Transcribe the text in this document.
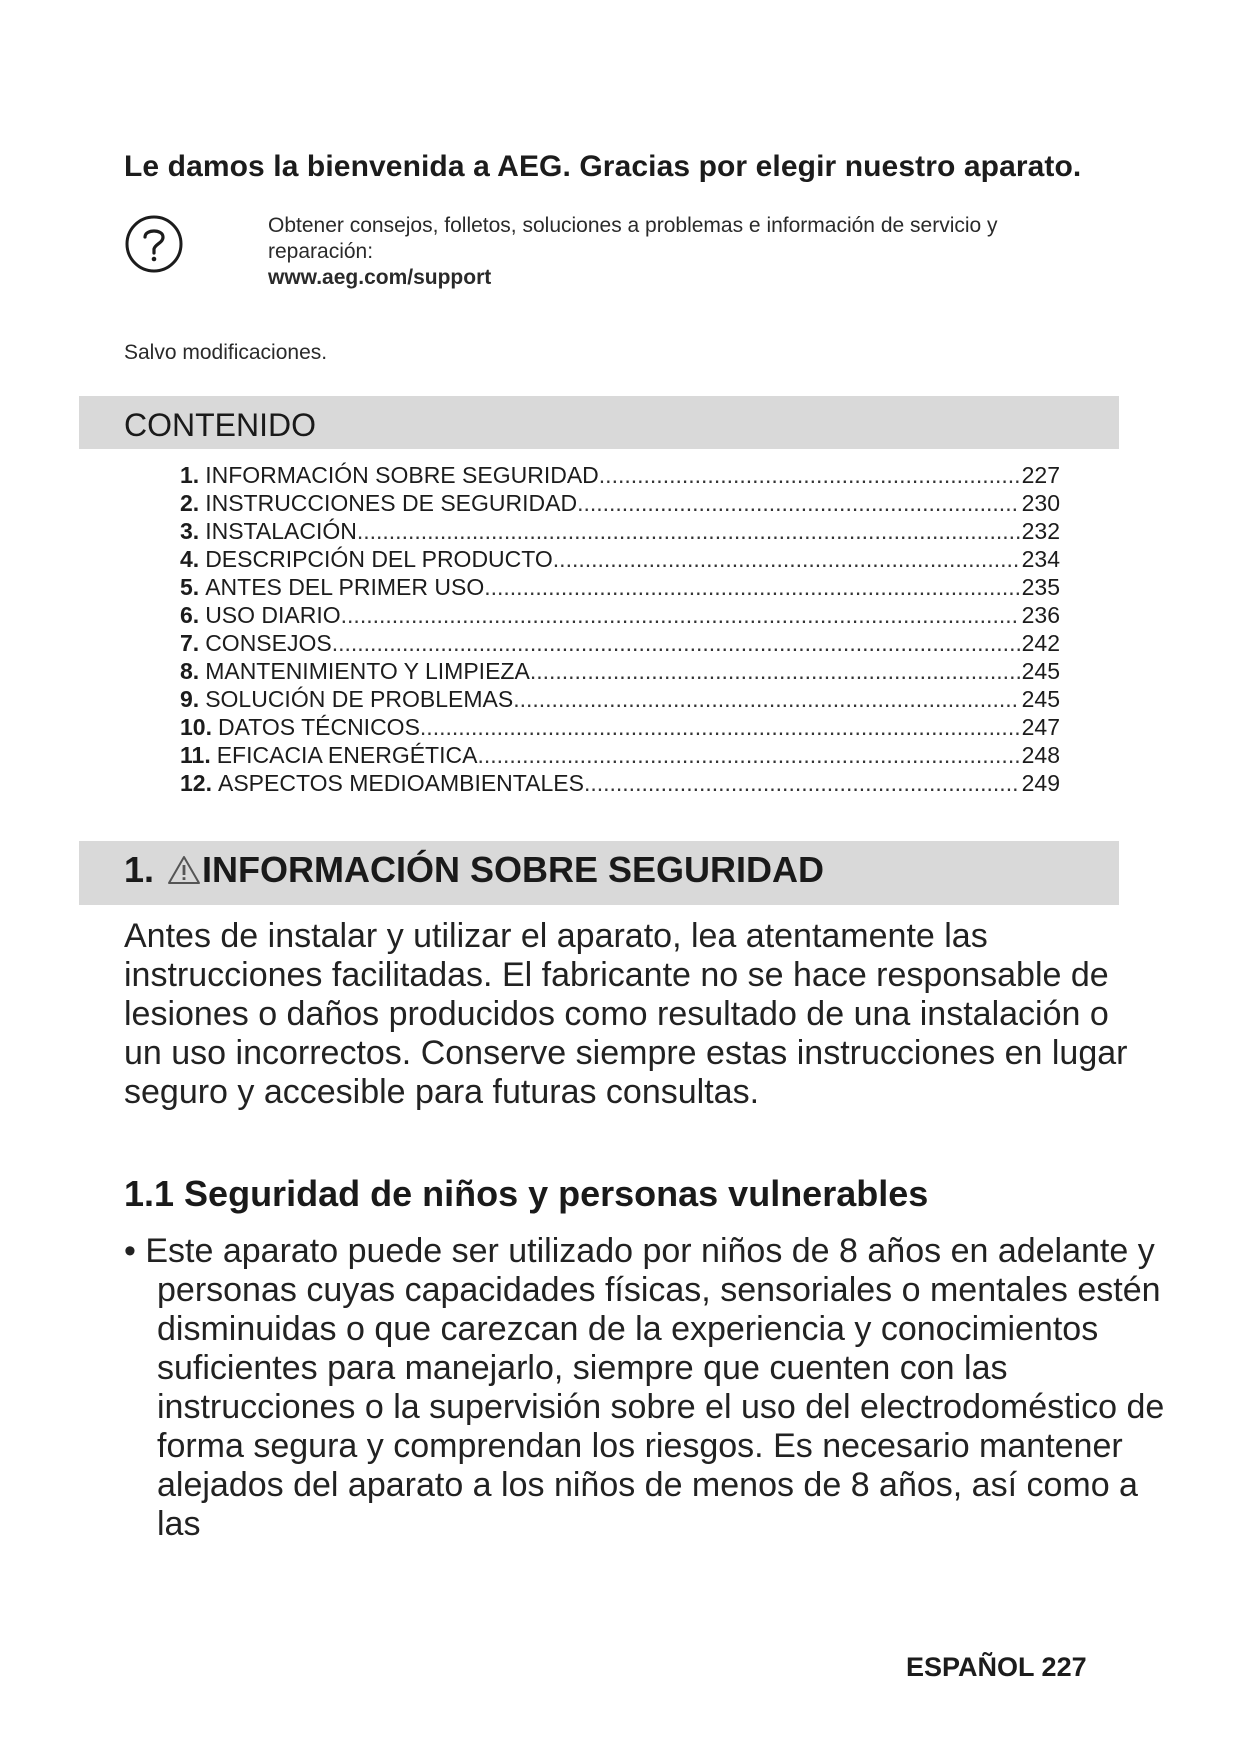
Le damos la bienvenida a AEG. Gracias por elegir nuestro aparato.
Obtener consejos, folletos, soluciones a problemas e información de servicio y reparación:
www.aeg.com/support
Salvo modificaciones.
CONTENIDO
1. INFORMACIÓN SOBRE SEGURIDAD .....	227
2. INSTRUCCIONES DE SEGURIDAD .....	230
3. INSTALACIÓN .....	232
4. DESCRIPCIÓN DEL PRODUCTO .....	234
5. ANTES DEL PRIMER USO .....	235
6. USO DIARIO .....	236
7. CONSEJOS .....	242
8. MANTENIMIENTO Y LIMPIEZA .....	245
9. SOLUCIÓN DE PROBLEMAS .....	245
10. DATOS TÉCNICOS .....	247
11. EFICACIA ENERGÉTICA .....	248
12. ASPECTOS MEDIOAMBIENTALES .....	249
1. INFORMACIÓN SOBRE SEGURIDAD

Antes de instalar y utilizar el aparato, lea atentamente las instrucciones facilitadas. El fabricante no se hace responsable de lesiones o daños producidos como resultado de una instalación o un uso incorrectos. Conserve siempre estas instrucciones en lugar seguro y accesible para futuras consultas.

1.1 Seguridad de niños y personas vulnerables

• Este aparato puede ser utilizado por niños de 8 años en adelante y personas cuyas capacidades físicas, sensoriales o mentales estén disminuidas o que carezcan de la experiencia y conocimientos suficientes para manejarlo, siempre que cuenten con las instrucciones o la supervisión sobre el uso del electrodoméstico de forma segura y comprendan los riesgos. Es necesario mantener alejados del aparato a los niños de menos de 8 años, así como a las

ESPAÑOL 227
